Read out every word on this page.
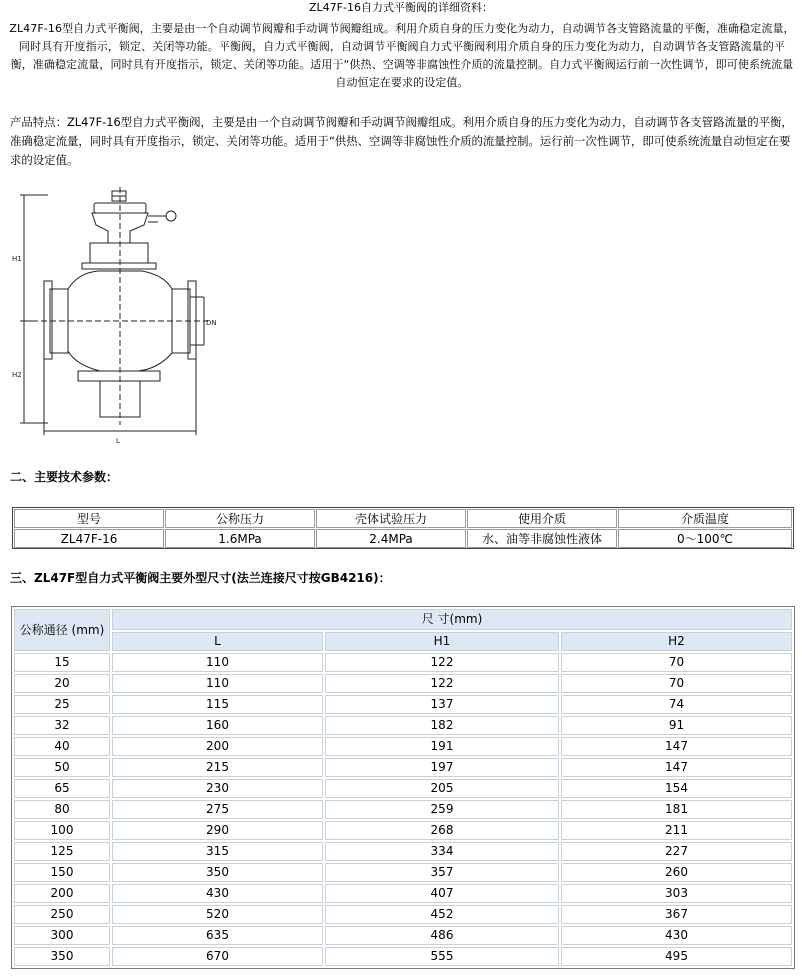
ZL47F-16自力式平衡阀的详细资料：
ZL47F-16型自力式平衡阀，主要是由一个自动调节阀瓣和手动调节阀瓣组成。利用介质自身的压力变化为动力，自动调节各支管路流量的平衡，准确稳定流量，同时具有开度指示，锁定、关闭等功能。平衡阀，自力式平衡阀，自动调节平衡阀自力式平衡阀利用介质自身的压力变化为动力，自动调节各支管路流量的平衡，准确稳定流量，同时具有开度指示，锁定、关闭等功能。适用于“供热、空调等非腐蚀性介质的流量控制。自力式平衡阀运行前一次性调节，即可使系统流量自动恒定在要求的设定值。
产品特点：ZL47F-16型自力式平衡阀，主要是由一个自动调节阀瓣和手动调节阀瓣组成。利用介质自身的压力变化为动力，自动调节各支管路流量的平衡，准确稳定流量，同时具有开度指示，锁定、关闭等功能。适用于“供热、空调等非腐蚀性介质的流量控制。运行前一次性调节，即可使系统流量自动恒定在要求的设定值。
H1
H2
L
DN
二、主要技术参数：
型号	公称压力	壳体试验压力	使用介质	介质温度
ZL47F-16	1.6MPa	2.4MPa	水、油等非腐蚀性液体	0～100℃
三、ZL47F型自力式平衡阀主要外型尺寸(法兰连接尺寸按GB4216)：
公称通径 (mm)	尺 寸(mm)		
	L	H1	H2
15	110	122	70
20	110	122	70
25	115	137	74
32	160	182	91
40	200	191	147
50	215	197	147
65	230	205	154
80	275	259	181
100	290	268	211
125	315	334	227
150	350	357	260
200	430	407	303
250	520	452	367
300	635	486	430
350	670	555	495
